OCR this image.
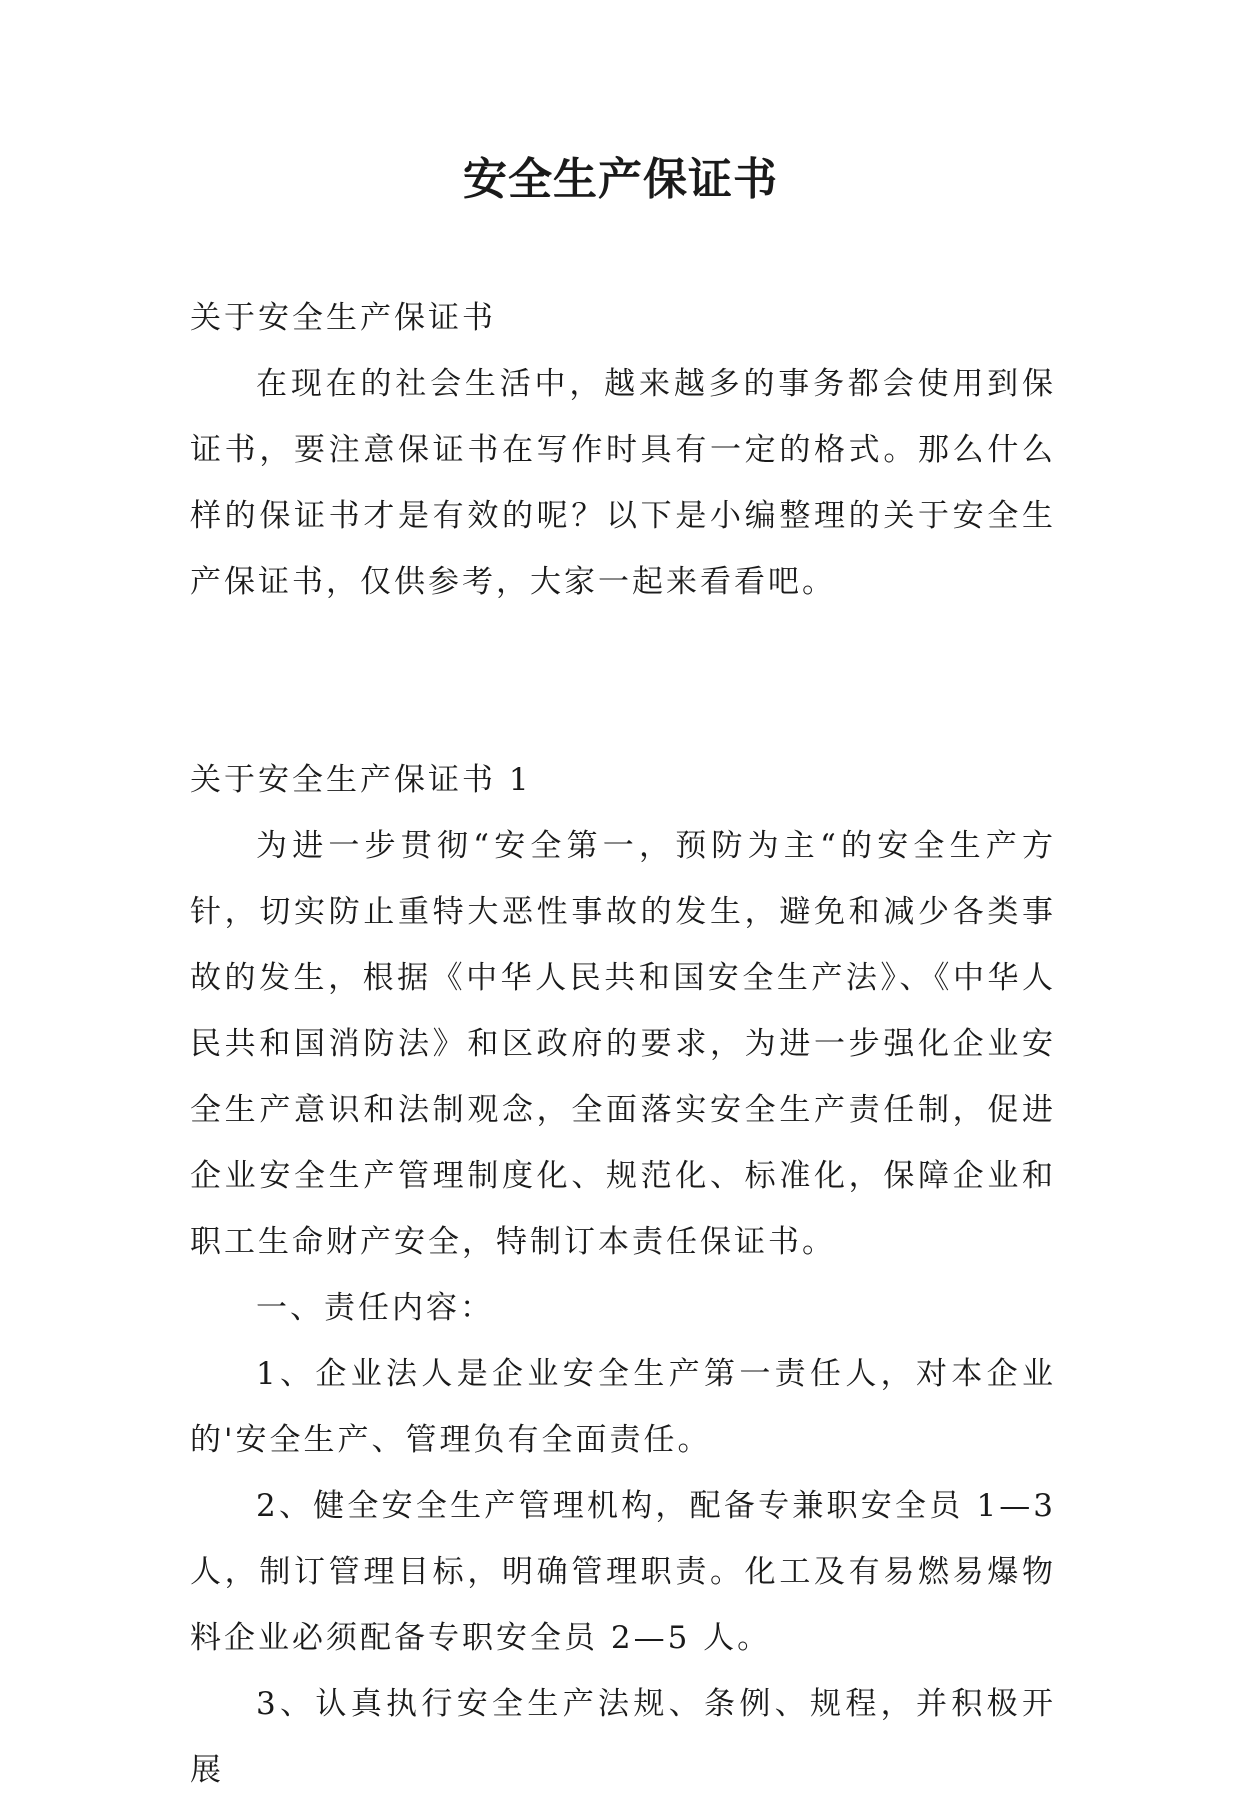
安全生产保证书

关于安全生产保证书

在现在的社会生活中，越来越多的事务都会使用到保证书，要注意保证书在写作时具有一定的格式。那么什么样的保证书才是有效的呢？以下是小编整理的关于安全生产保证书，仅供参考，大家一起来看看吧。

关于安全生产保证书 1

为进一步贯彻“安全第一，预防为主“的安全生产方针，切实防止重特大恶性事故的发生，避免和减少各类事故的发生，根据《中华人民共和国安全生产法》、《中华人民共和国消防法》和区政府的要求，为进一步强化企业安全生产意识和法制观念，全面落实安全生产责任制，促进企业安全生产管理制度化、规范化、标准化，保障企业和职工生命财产安全，特制订本责任保证书。

一、责任内容：

1、企业法人是企业安全生产第一责任人，对本企业的'安全生产、管理负有全面责任。

2、健全安全生产管理机构，配备专兼职安全员 1—3 人，制订管理目标，明确管理职责。化工及有易燃易爆物料企业必须配备专职安全员 2—5 人。

3、认真执行安全生产法规、条例、规程，并积极开展
